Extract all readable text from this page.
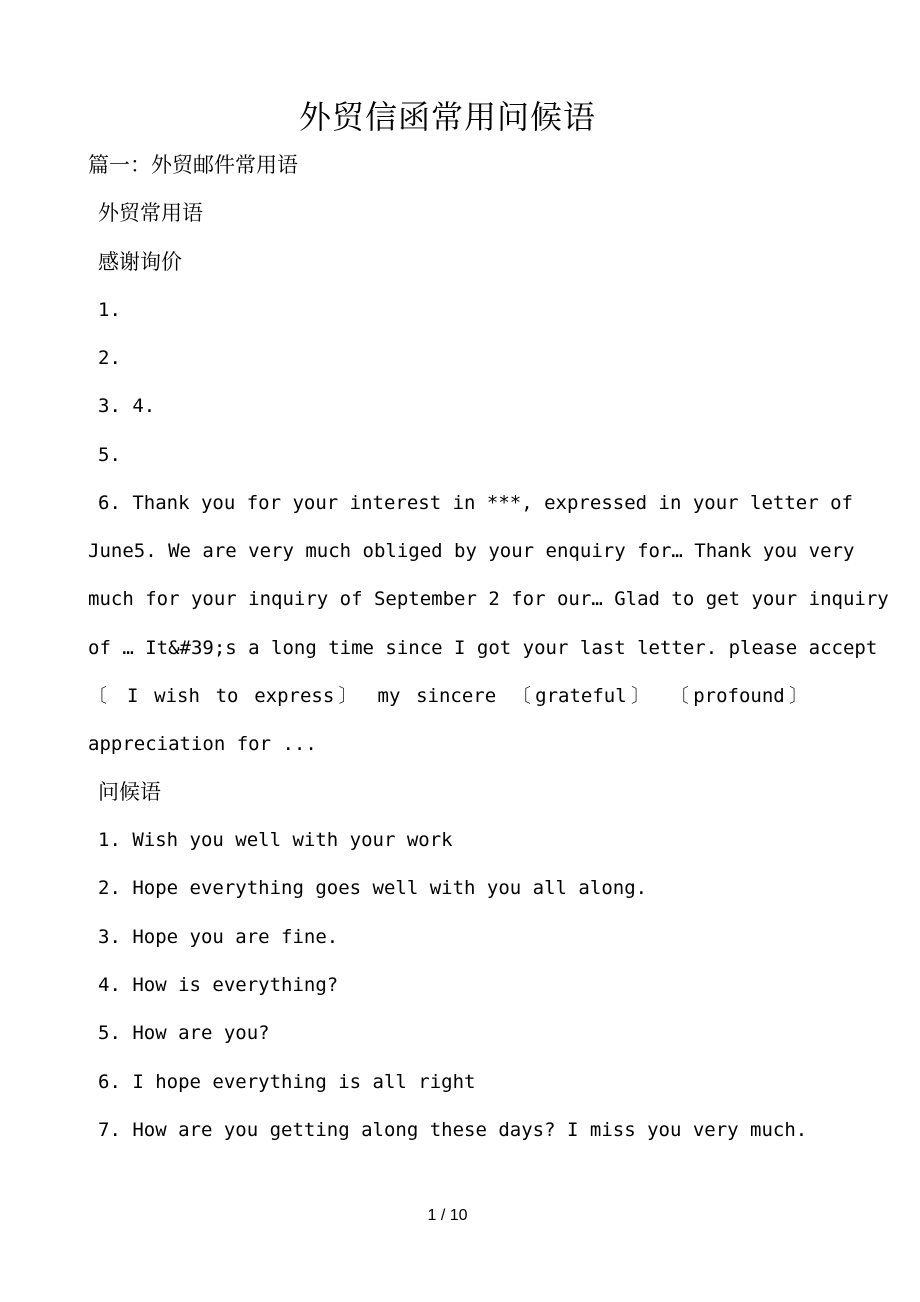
外贸信函常用问候语
篇一：外贸邮件常用语
外贸常用语
感谢询价
1.
2.
3. 4.
5.
6. Thank you for your interest in ***, expressed in your letter of
June5. We are very much obliged by your enquiry for… Thank you very
much for your inquiry of September 2 for our… Glad to get your inquiry
of … It&#39;s a long time since I got your last letter. please accept
〔 I wish to express〕 my sincere 〔grateful〕 〔profound〕
appreciation for ...
问候语
1. Wish you well with your work
2. Hope everything goes well with you all along.
3. Hope you are fine.
4. How is everything?
5. How are you?
6. I hope everything is all right
7. How are you getting along these days? I miss you very much.
1 / 10
